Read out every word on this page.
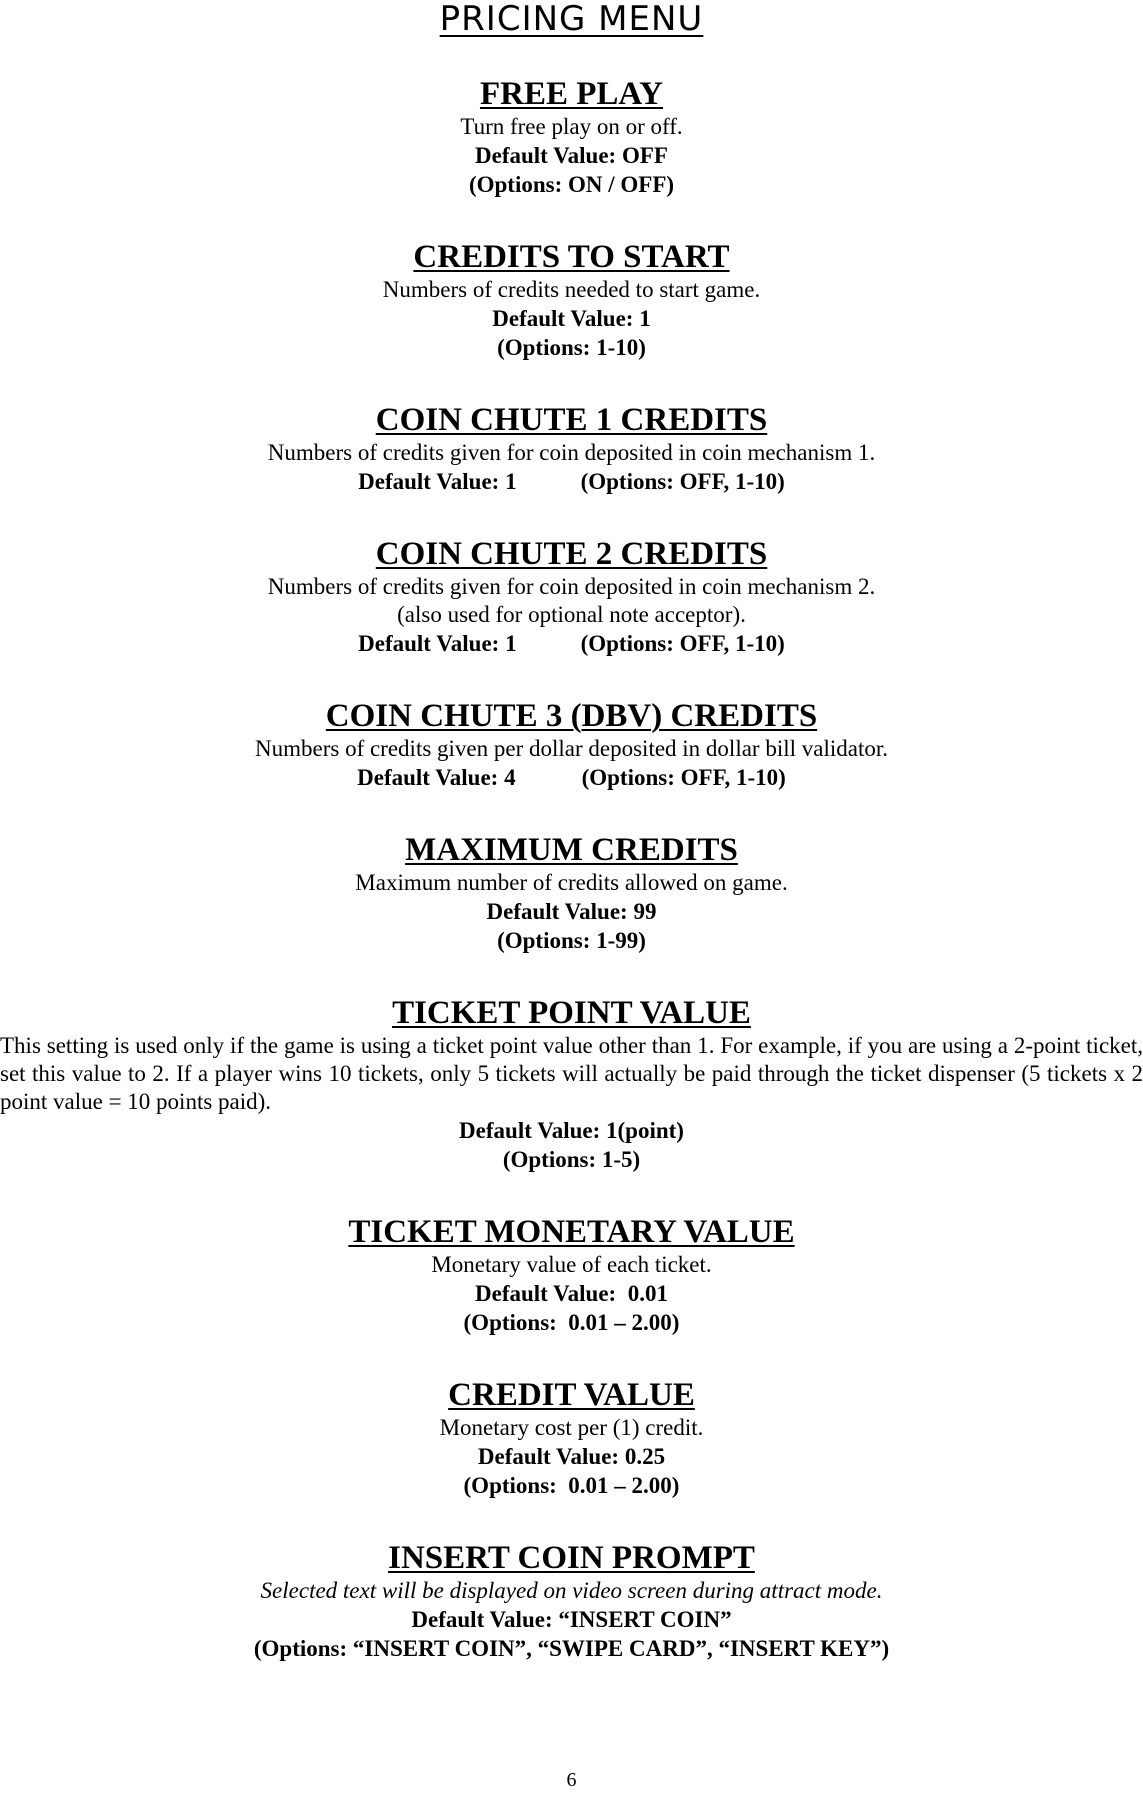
PRICING MENU

FREE PLAY

Turn free play on or off.

Default Value: OFF

(Options: ON / OFF)

CREDITS TO START

Numbers of credits needed to start game.

Default Value: 1

(Options: 1-10)

COIN CHUTE 1 CREDITS

Numbers of credits given for coin deposited in coin mechanism 1.

Default Value: 1	(Options: OFF, 1-10)

COIN CHUTE 2 CREDITS

Numbers of credits given for coin deposited in coin mechanism 2.

(also used for optional note acceptor).

Default Value: 1	(Options: OFF, 1-10)

COIN CHUTE 3 (DBV) CREDITS

Numbers of credits given per dollar deposited in dollar bill validator.

Default Value: 4	(Options: OFF, 1-10)

MAXIMUM CREDITS

Maximum number of credits allowed on game.

Default Value: 99

(Options: 1-99)

TICKET POINT VALUE

This setting is used only if the game is using a ticket point value other than 1. For example, if you are using a 2-point ticket, set this value to 2. If a player wins 10 tickets, only 5 tickets will actually be paid through the ticket dispenser (5 tickets x 2 point value = 10 points paid).

Default Value: 1(point)

(Options: 1-5)

TICKET MONETARY VALUE

Monetary value of each ticket.

Default Value:  0.01

(Options:  0.01 – 2.00)

CREDIT VALUE

Monetary cost per (1) credit.

Default Value: 0.25

(Options:  0.01 – 2.00)

INSERT COIN PROMPT

Selected text will be displayed on video screen during attract mode.

Default Value: “INSERT COIN”

(Options: “INSERT COIN”, “SWIPE CARD”, “INSERT KEY”)

6
